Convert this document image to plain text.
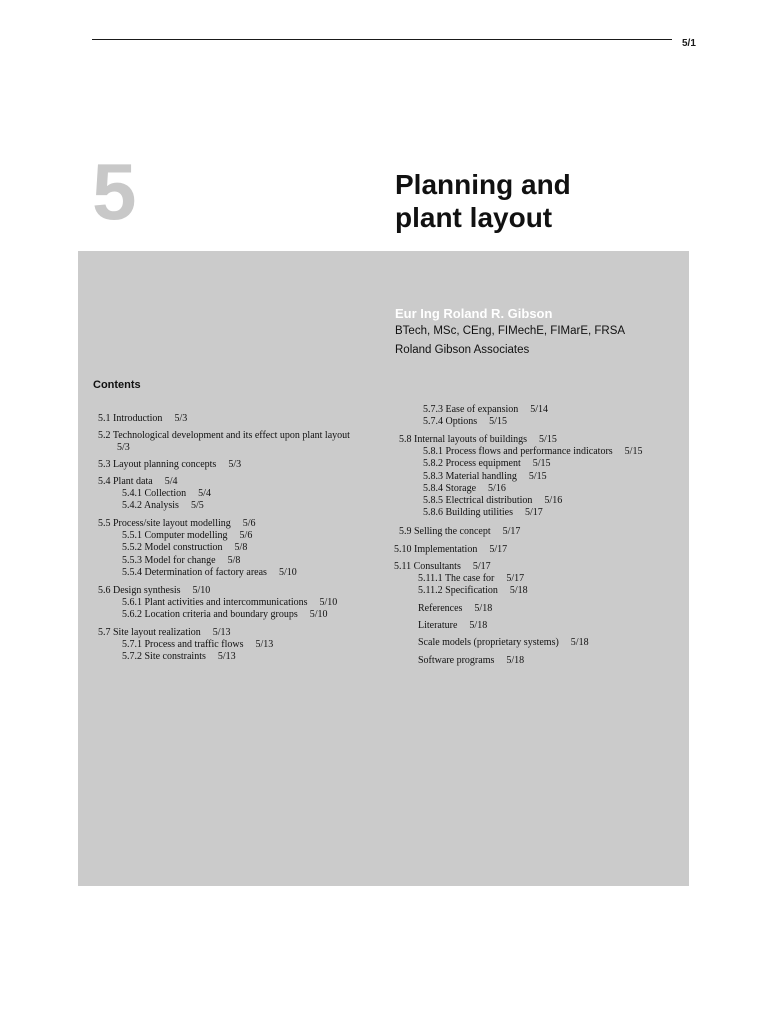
5/1
5	Planning and
plant layout
Eur Ing Roland R. Gibson
BTech, MSc, CEng, FIMechE, FIMarE, FRSA
Roland Gibson Associates
Contents
5.1 Introduction 5/3
5.2 Technological development and its effect upon plant layout
5/3
5.3 Layout planning concepts 5/3
5.4 Plant data 5/4
5.4.1 Collection 5/4
5.4.2 Analysis 5/5
5.5 Process/site layout modelling 5/6
5.5.1 Computer modelling 5/6
5.5.2 Model construction 5/8
5.5.3 Model for change 5/8
5.5.4 Determination of factory areas 5/10
5.6 Design synthesis 5/10
5.6.1 Plant activities and intercommunications 5/10
5.6.2 Location criteria and boundary groups 5/10
5.7 Site layout realization 5/13
5.7.1 Process and traffic flows 5/13
5.7.2 Site constraints 5/13
5.7.3 Ease of expansion 5/14
5.7.4 Options 5/15
5.8 Internal layouts of buildings 5/15
5.8.1 Process flows and performance indicators 5/15
5.8.2 Process equipment 5/15
5.8.3 Material handling 5/15
5.8.4 Storage 5/16
5.8.5 Electrical distribution 5/16
5.8.6 Building utilities 5/17
5.9 Selling the concept 5/17
5.10 Implementation 5/17
5.11 Consultants 5/17
5.11.1 The case for 5/17
5.11.2 Specification 5/18
References 5/18
Literature 5/18
Scale models (proprietary systems) 5/18
Software programs 5/18
